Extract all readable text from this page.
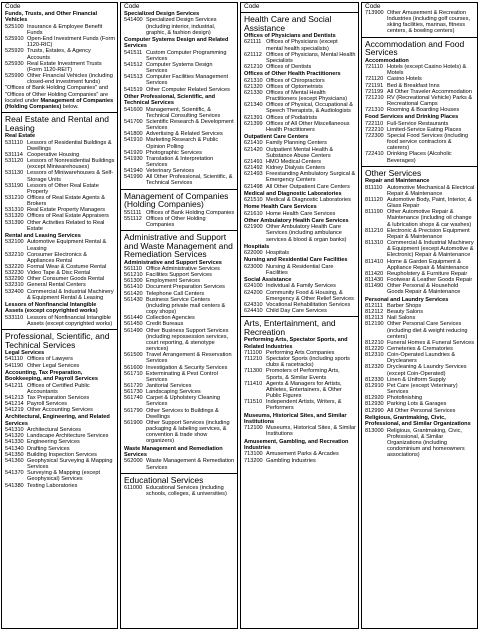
Code
Funds, Trusts, and Other Financial Vehicles
525100 Insurance & Employee Benefit Funds
525910 Open-End Investment Funds (Form 1120-RIC)
525920 Trusts, Estates, & Agency Accounts
525930 Real Estate Investment Trusts (Form 1120-REIT)
525990 Other Financial Vehicles (including closed-end investment funds)
"Offices of Bank Holding Companies" and "Offices of Other Holding Companies" are located under Management of Companies (Holding Companies) below.
Real Estate and Rental and Leasing
Real Estate
531110 Lessors of Residential Buildings & Dwellings
531114 Cooperative Housing
531120 Lessors of Nonresidential Buildings (except Miniwarehouses)
531130 Lessors of Miniwarehouses & Self-Storage Units
531190 Lessors of Other Real Estate Property
531210 Offices of Real Estate Agents & Brokers
531310 Real Estate Property Managers
531320 Offices of Real Estate Appraisers
531390 Other Activities Related to Real Estate
Rental and Leasing Services
532100 Automotive Equipment Rental & Leasing
532210 Consumer Electronics & Appliances Rental
532220 Formal Wear & Costume Rental
532230 Video Tape & Disc Rental
532290 Other Consumer Goods Rental
532310 General Rental Centers
532400 Commercial & Industrial Machinery & Equipment Rental & Leasing
Lessors of Nonfinancial Intangible Assets (except copyrighted works)
533110 Lessors of Nonfinancial Intangible Assets (except copyrighted works)
Professional, Scientific, and Technical Services
Legal Services
541110 Offices of Lawyers
541190 Other Legal Services
Accounting, Tax Preparation, Bookkeeping, and Payroll Services
541211 Offices of Certified Public Accountants
541213 Tax Preparation Services
541214 Payroll Services
541219 Other Accounting Services
Architectural, Engineering, and Related Services
541310 Architectural Services
541320 Landscape Architecture Services
541330 Engineering Services
541340 Drafting Services
541350 Building Inspection Services
541360 Geophysical Surveying & Mapping Services
541370 Surveying & Mapping (except Geophysical) Services
541380 Testing Laboratories
Code
Specialized Design Services
541400 Specialized Design Services (including interior, industrial, graphic, & fashion design)
Computer Systems Design and Related Services
541511 Custom Computer Programming Services
541512 Computer Systems Design Services
541513 Computer Facilities Management Services
541519 Other Computer Related Services
Other Professional, Scientific, and Technical Services
541600 Management, Scientific, & Technical Consulting Services
541700 Scientific Research & Development Services
541800 Advertising & Related Services
541910 Marketing Research & Public Opinion Polling
541920 Photographic Services
541930 Translation & Interpretation Services
541940 Veterinary Services
541990 All Other Professional, Scientific, & Technical Services
Management of Companies (Holding Companies)
551111 Offices of Bank Holding Companies
551112 Offices of Other Holding Companies
Administrative and Support and Waste Management and Remediation Services
Administrative and Support Services
561110 Office Administrative Services
561210 Facilities Support Services
561300 Employment Services
561410 Document Preparation Services
561420 Telephone Call Centers
561430 Business Service Centers (including private mail centers & copy shops)
561440 Collection Agencies
561450 Credit Bureaus
561490 Other Business Support Services (including repossession services, court reporting, & stenotype services)
561500 Travel Arrangement & Reservation Services
561600 Investigation & Security Services
561710 Exterminating & Pest Control Services
561720 Janitorial Services
561730 Landscaping Services
561740 Carpet & Upholstery Cleaning Services
561790 Other Services to Buildings & Dwellings
561900 Other Support Services (including packaging & labeling services, & convention & trade show organizers)
Waste Management and Remediation Services
562000 Waste Management & Remediation Services
Educational Services
611000 Educational Services (including schools, colleges, & universities)
Code
Health Care and Social Assistance
Offices of Physicians and Dentists
621111 Offices of Physicians (except mental health specialists)
621112 Offices of Physicians, Mental Health Specialists
621210 Offices of Dentists
Offices of Other Health Practitioners
621310 Offices of Chiropractors
621320 Offices of Optometrists
621330 Offices of Mental Health Practitioners (except Physicians)
621340 Offices of Physical, Occupational & Speech Therapists, & Audiologists
621391 Offices of Podiatrists
621399 Offices of All Other Miscellaneous Health Practitioners
Outpatient Care Centers
621410 Family Planning Centers
621420 Outpatient Mental Health & Substance Abuse Centers
621491 HMO Medical Centers
621492 Kidney Dialysis Centers
621493 Freestanding Ambulatory Surgical & Emergency Centers
621498 All Other Outpatient Care Centers
Medical and Diagnostic Laboratories
621510 Medical & Diagnostic Laboratories
Home Health Care Services
621610 Home Health Care Services
Other Ambulatory Health Care Services
621900 Other Ambulatory Health Care Services (including ambulance services & blood & organ banks)
Hospitals
622000 Hospitals
Nursing and Residential Care Facilities
623000 Nursing & Residential Care Facilities
Social Assistance
624100 Individual & Family Services
624200 Community Food & Housing, & Emergency & Other Relief Services
624310 Vocational Rehabilitation Services
624410 Child Day Care Services
Arts, Entertainment, and Recreation
Performing Arts, Spectator Sports, and Related Industries
711100 Performing Arts Companies
711210 Spectator Sports (including sports clubs & racetracks)
711300 Promoters of Performing Arts, Sports, & Similar Events
711410 Agents & Managers for Artists, Athletes, Entertainers, & Other Public Figures
711510 Independent Artists, Writers, & Performers
Museums, Historical Sites, and Similar Institutions
712100 Museums, Historical Sites, & Similar Institutions
Amusement, Gambling, and Recreation Industries
713100 Amusement Parks & Arcades
713200 Gambling Industries
Code
713900 Other Amusement & Recreation Industries (including golf courses, skiing facilities, marinas, fitness centers, & bowling centers)
Accommodation and Food Services
Accommodation
721110 Hotels (except Casino Hotels) & Motels
721120 Casino Hotels
721191 Bed & Breakfast Inns
721199 All Other Traveler Accommodation
721210 RV (Recreational Vehicle) Parks & Recreational Camps
721310 Rooming & Boarding Houses
Food Services and Drinking Places
722110 Full-Service Restaurants
722210 Limited-Service Eating Places
722300 Special Food Services (including food service contractors & caterers)
722410 Drinking Places (Alcoholic Beverages)
Other Services
Repair and Maintenance
811110 Automotive Mechanical & Electrical Repair & Maintenance
811120 Automotive Body, Paint, Interior, & Glass Repair
811190 Other Automotive Repair & Maintenance (including oil change & lubrication shops & car washes)
811210 Electronic & Precision Equipment Repair & Maintenance
811310 Commercial & Industrial Machinery & Equipment (except Automotive & Electronic) Repair & Maintenance
811410 Home & Garden Equipment & Appliance Repair & Maintenance
811420 Reupholstery & Furniture Repair
811430 Footwear & Leather Goods Repair
811490 Other Personal & Household Goods Repair & Maintenance
Personal and Laundry Services
812111 Barber Shops
812112 Beauty Salons
812113 Nail Salons
812190 Other Personal Care Services (including diet & weight reducing centers)
812210 Funeral Homes & Funeral Services
812220 Cemeteries & Crematories
812310 Coin-Operated Laundries & Drycleaners
812320 Drycleaning & Laundry Services (except Coin-Operated)
812330 Linen & Uniform Supply
812910 Pet Care (except Veterinary) Services
812920 Photofinishing
812930 Parking Lots & Garages
812990 All Other Personal Services
Religious, Grantmaking, Civic, Professional, and Similar Organizations
813000 Religious, Grantmaking, Civic, Professional, & Similar Organizations (including condominium and homeowners associations)
